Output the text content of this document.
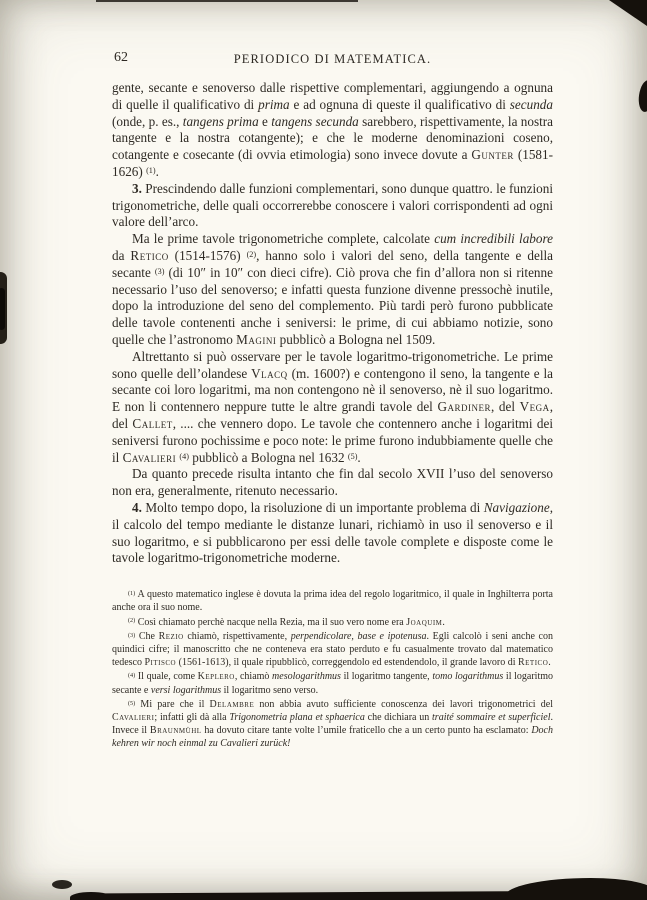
62	PERIODICO DI MATEMATICA.

gente, secante e senoverso dalle rispettive complementari, aggiungendo a ognuna di quelle il qualificativo di prima e ad ognuna di queste il qualificativo di secunda (onde, p. es., tangens prima e tangens secunda sarebbero, rispettivamente, la nostra tangente e la nostra cotangente); e che le moderne denominazioni coseno, cotangente e cosecante (di ovvia etimologia) sono invece dovute a Gunter (1581-1626) $^{(1)}$.

3. Prescindendo dalle funzioni complementari, sono dunque quattro. le funzioni trigonometriche, delle quali occorrerebbe conoscere i valori corrispondenti ad ogni valore dell’arco.

Ma le prime tavole trigonometriche complete, calcolate cum incredibili labore da Retico (1514-1576) $^{(2)}$, hanno solo i valori del seno, della tangente e della secante $^{(3)}$ (di 10″ in 10″ con dieci cifre). Ciò prova che fin d’allora non si ritenne necessario l’uso del senoverso; e infatti questa funzione divenne pressochè inutile, dopo la introduzione del seno del complemento. Più tardi però furono pubblicate delle tavole contenenti anche i seniversi: le prime, di cui abbiamo notizie, sono quelle che l’astronomo Magini pubblicò a Bologna nel 1509.

Altrettanto si può osservare per le tavole logaritmo-trigonometriche. Le prime sono quelle dell’olandese Vlacq (m. 1600?) e contengono il seno, la tangente e la secante coi loro logaritmi, ma non contengono nè il senoverso, nè il suo logaritmo. E non li contennero neppure tutte le altre grandi tavole del Gardiner, del Vega, del Callet, .... che vennero dopo. Le tavole che contennero anche i logaritmi dei seniversi furono pochissime e poco note: le prime furono indubbiamente quelle che il Cavalieri $^{(4)}$ pubblicò a Bologna nel 1632 $^{(5)}$.

Da quanto precede risulta intanto che fin dal secolo XVII l’uso del senoverso non era, generalmente, ritenuto necessario.

4. Molto tempo dopo, la risoluzione di un importante problema di Navigazione, il calcolo del tempo mediante le distanze lunari, richiamò in uso il senoverso e il suo logaritmo, e si pubblicarono per essi delle tavole complete e disposte come le tavole logaritmo-trigonometriche moderne.

$^{(1)}$ A questo matematico inglese è dovuta la prima idea del regolo logaritmico, il quale in Inghilterra porta anche ora il suo nome.

$^{(2)}$ Così chiamato perchè nacque nella Rezia, ma il suo vero nome era Joaquim.

$^{(3)}$ Che Rezio chiamò, rispettivamente, perpendicolare, base e ipotenusa. Egli calcolò i seni anche con quindici cifre; il manoscritto che ne conteneva era stato perduto e fu casualmente trovato dal matematico tedesco Pitisco (1561-1613), il quale ripubblicò, correggendolo ed estendendolo, il grande lavoro di Retico.

$^{(4)}$ Il quale, come Keplero, chiamò mesologarithmus il logaritmo tangente, tomo logarithmus il logaritmo secante e versi logarithmus il logaritmo seno verso.

$^{(5)}$ Mi pare che il Delambre non abbia avuto sufficiente conoscenza dei lavori trigonometrici del Cavalieri; infatti gli dà alla Trigonometria plana et sphaerica che dichiara un traité sommaire et superficiel. Invece il Braunmühl ha dovuto citare tante volte l’umile fraticello che a un certo punto ha esclamato: Doch kehren wir noch einmal zu Cavalieri zurück!
